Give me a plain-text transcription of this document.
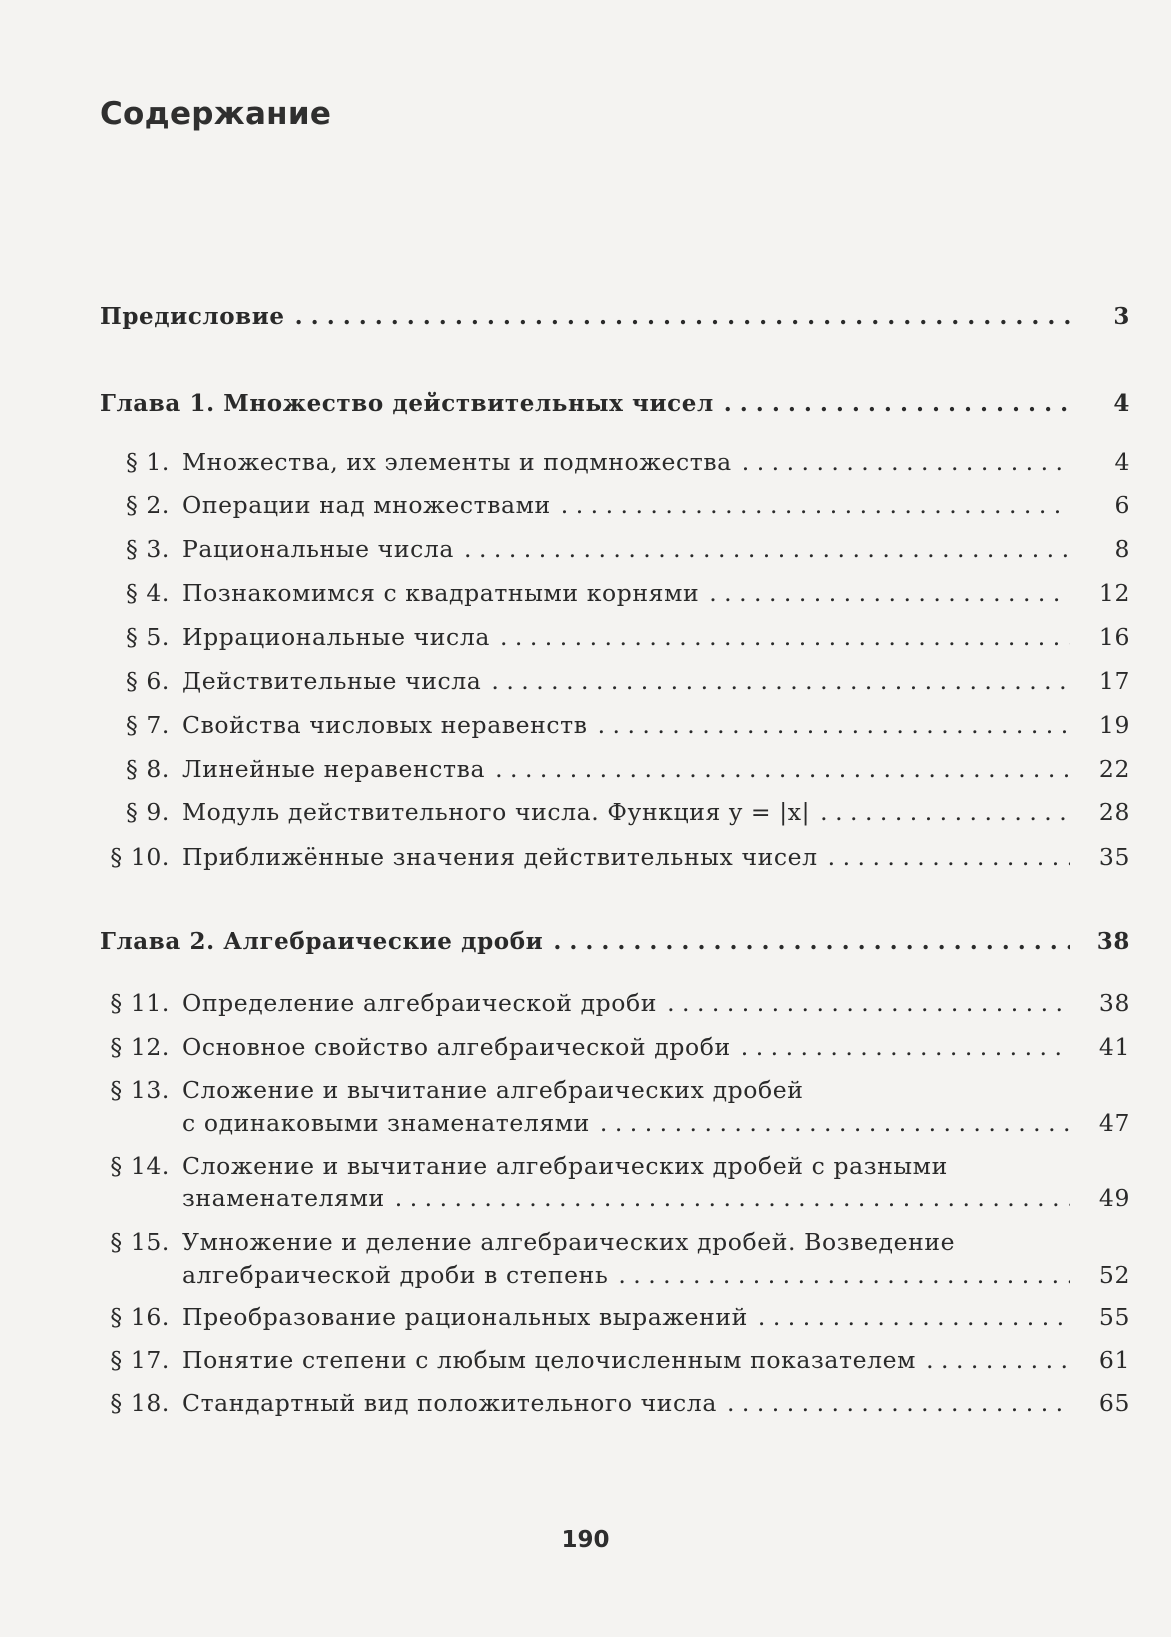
Содержание
Предисловие . . .	3
Глава 1. Множество действительных чисел . . .	4
§ 1. Множества, их элементы и подмножества . . .	4
§ 2. Операции над множествами . . .	6
§ 3. Рациональные числа . . .	8
§ 4. Познакомимся с квадратными корнями . . .	12
§ 5. Иррациональные числа . . .	16
§ 6. Действительные числа . . .	17
§ 7. Свойства числовых неравенств . . .	19
§ 8. Линейные неравенства . . .	22
§ 9. Модуль действительного числа. Функция y = |x| . . .	28
§ 10. Приближённые значения действительных чисел . . .	35
Глава 2. Алгебраические дроби . . .	38
§ 11. Определение алгебраической дроби . . .	38
§ 12. Основное свойство алгебраической дроби . . .	41
§ 13. Сложение и вычитание алгебраических дробей
с одинаковыми знаменателями . . .	47
§ 14. Сложение и вычитание алгебраических дробей с разными
знаменателями . . .	49
§ 15. Умножение и деление алгебраических дробей. Возведение
алгебраической дроби в степень . . .	52
§ 16. Преобразование рациональных выражений . . .	55
§ 17. Понятие степени с любым целочисленным показателем . . .	61
§ 18. Стандартный вид положительного числа . . .	65
190
